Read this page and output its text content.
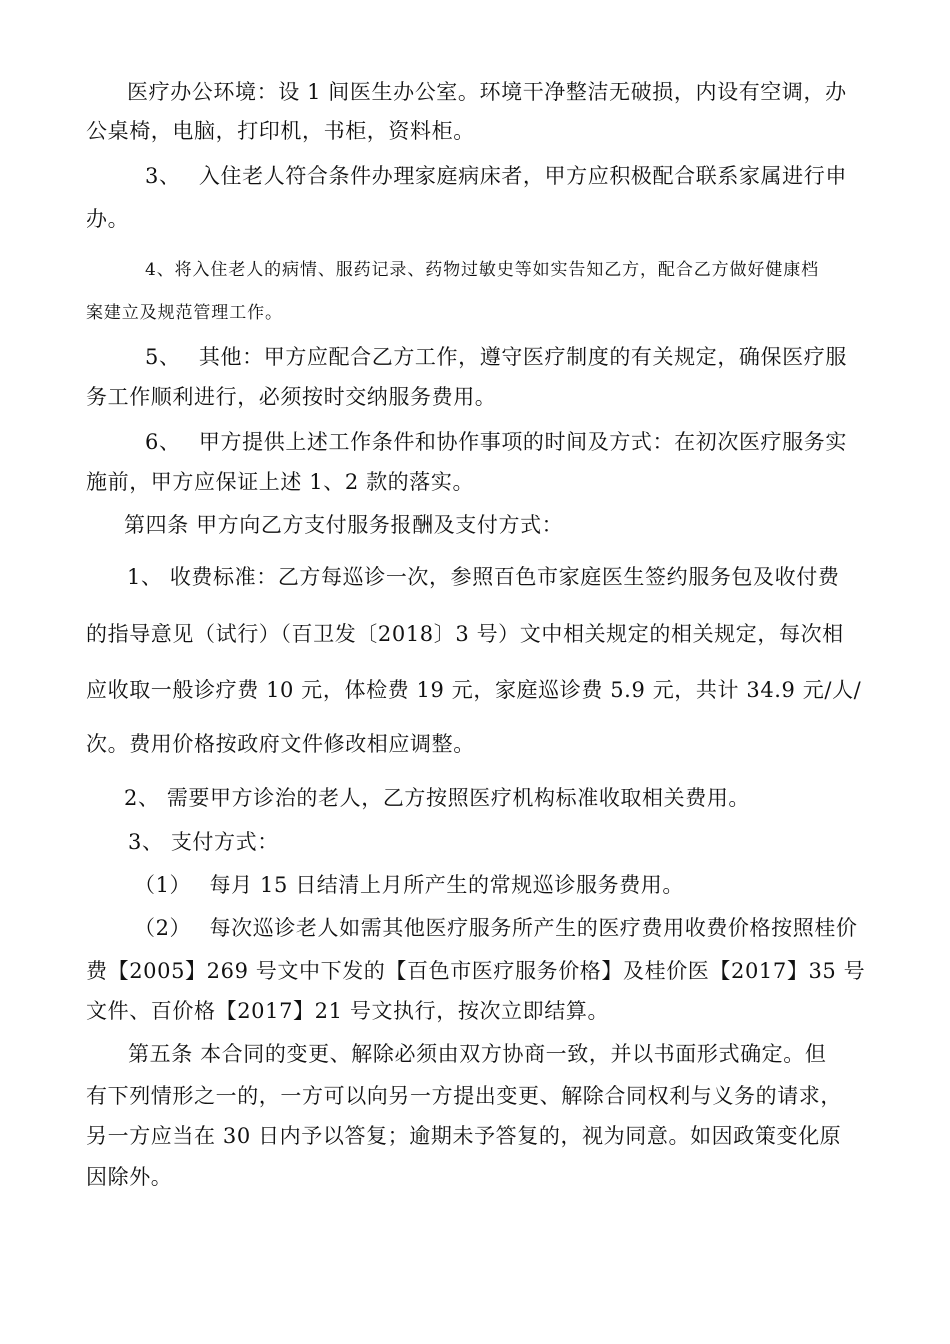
医疗办公环境：设 1 间医生办公室。环境干净整洁无破损，内设有空调，办
公桌椅，电脑，打印机，书柜，资料柜。
3、　 入住老人符合条件办理家庭病床者，甲方应积极配合联系家属进行申
办。
4、将入住老人的病情、服药记录、药物过敏史等如实告知乙方，配合乙方做好健康档
案建立及规范管理工作。
5、　 其他：甲方应配合乙方工作，遵守医疗制度的有关规定，确保医疗服
务工作顺利进行，必须按时交纳服务费用。
6、　 甲方提供上述工作条件和协作事项的时间及方式：在初次医疗服务实
施前，甲方应保证上述 1、2 款的落实。
第四条 甲方向乙方支付服务报酬及支付方式：
1、 收费标准：乙方每巡诊一次，参照百色市家庭医生签约服务包及收付费
的指导意见（试行）（百卫发〔2018〕3 号）文中相关规定的相关规定，每次相
应收取一般诊疗费 10 元，体检费 19 元，家庭巡诊费 5.9 元，共计 34.9 元/人/
次。费用价格按政府文件修改相应调整。
2、 需要甲方诊治的老人，乙方按照医疗机构标准收取相关费用。
3、 支付方式：
（1）　 每月 15 日结清上月所产生的常规巡诊服务费用。
（2）　 每次巡诊老人如需其他医疗服务所产生的医疗费用收费价格按照桂价
费【2005】269 号文中下发的【百色市医疗服务价格】及桂价医【2017】35 号
文件、百价格【2017】21 号文执行，按次立即结算。
第五条 本合同的变更、解除必须由双方协商一致，并以书面形式确定。但
有下列情形之一的，一方可以向另一方提出变更、解除合同权利与义务的请求，
另一方应当在 30 日内予以答复；逾期未予答复的，视为同意。如因政策变化原
因除外。
